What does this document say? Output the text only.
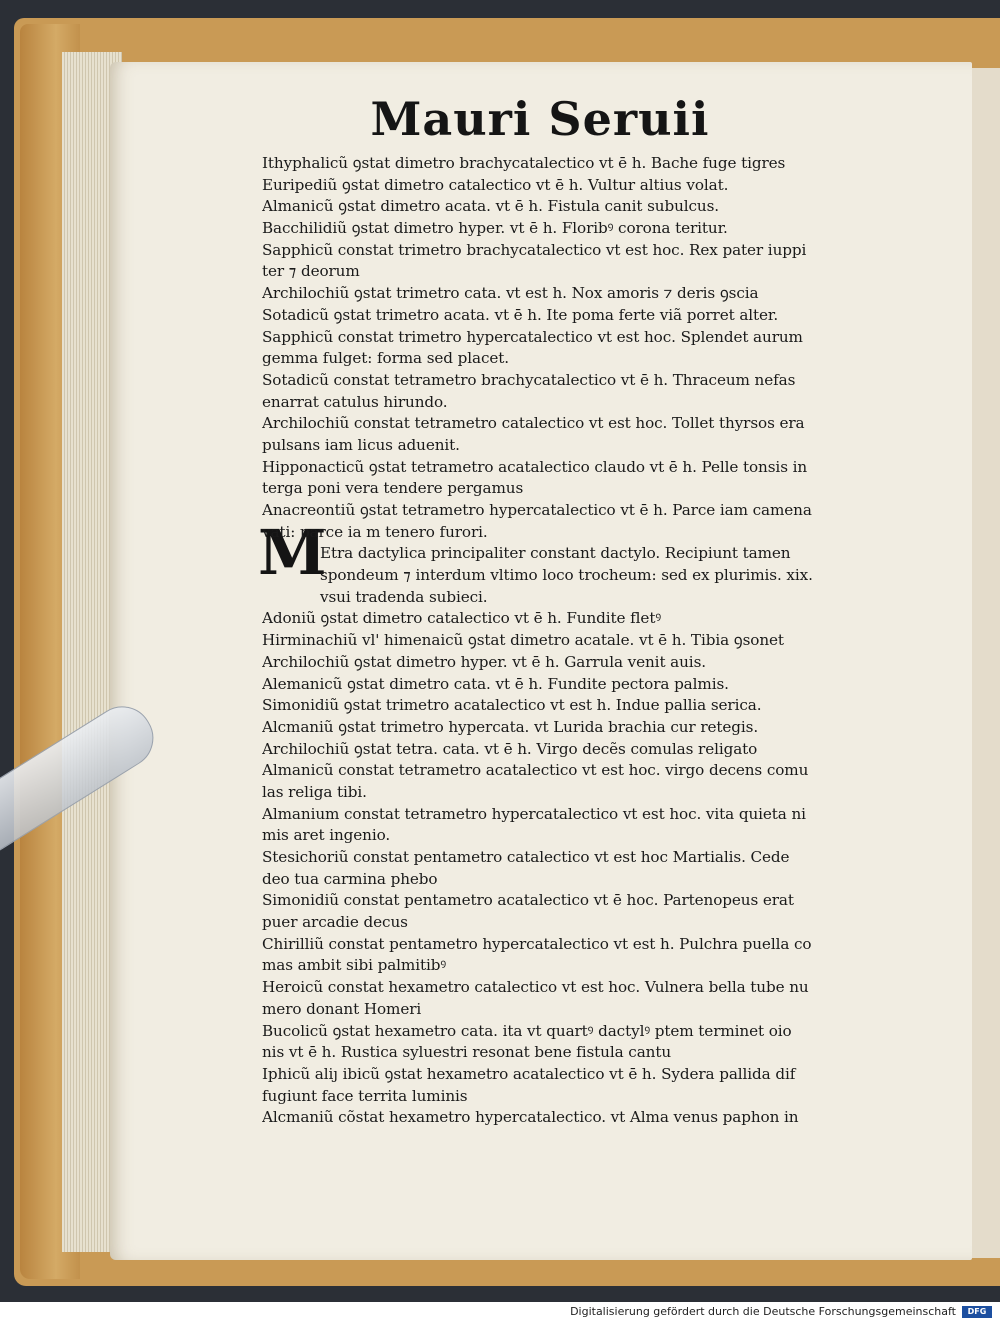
Mauri Seruii
M
Ithyphalicũ ꝯstat dimetro brachycatalectico vt ē h. Bache fuge tigres
Euripediũ ꝯstat dimetro catalectico vt ē h. Vultur altius volat.
Almanicũ ꝯstat dimetro acata. vt ē h. Fistula canit subulcus.
Bacchilidiũ ꝯstat dimetro hyper. vt ē h. Floribꝰ corona teritur.
Sapphicũ constat trimetro brachycatalectico vt est hoc. Rex pater iuppi
ter ⁊ deorum
Archilochiũ ꝯstat trimetro cata. vt est h. Nox amoris ⁊ deris ꝯscia
Sotadicũ ꝯstat trimetro acata. vt ē h. Ite poma ferte viã porret alter.
Sapphicũ constat trimetro hypercatalectico vt est hoc. Splendet aurum
gemma fulget: forma sed placet.
Sotadicũ constat tetrametro brachycatalectico vt ē h. Thraceum nefas
enarrat catulus hirundo.
Archilochiũ constat tetrametro catalectico vt est hoc. Tollet thyrsos era
pulsans iam licus aduenit.
Hipponacticũ ꝯstat tetrametro acatalectico claudo vt ē h. Pelle tonsis in
terga poni vera tendere pergamus
Anacreontiũ ꝯstat tetrametro hypercatalectico vt ē h. Parce iam camena
vati: parce ia m tenero furori.
Etra dactylica principaliter constant dactylo. Recipiunt tamen
spondeum ⁊ interdum vltimo loco trocheum: sed ex plurimis. xix.
vsui tradenda subieci.
Adoniũ ꝯstat dimetro catalectico vt ē h. Fundite fletꝰ
Hirminachiũ vl' himenaicũ ꝯstat dimetro acatale. vt ē h. Tibia ꝯsonet
Archilochiũ ꝯstat dimetro hyper. vt ē h. Garrula venit auis.
Alemanicũ ꝯstat dimetro cata. vt ē h. Fundite pectora palmis.
Simonidiũ ꝯstat trimetro acatalectico vt est h. Indue pallia serica.
Alcmaniũ ꝯstat trimetro hypercata. vt Lurida brachia cur retegis.
Archilochiũ ꝯstat tetra. cata. vt ē h. Virgo decẽs comulas religato
Almanicũ constat tetrametro acatalectico vt est hoc. virgo decens comu
las religa tibi.
Almanium constat tetrametro hypercatalectico vt est hoc. vita quieta ni
mis aret ingenio.
Stesichoriũ constat pentametro catalectico vt est hoc Martialis. Cede
deo tua carmina phebo
Simonidiũ constat pentametro acatalectico vt ē hoc. Partenopeus erat
puer arcadie decus
Chirilliũ constat pentametro hypercatalectico vt est h. Pulchra puella co
mas ambit sibi palmitibꝰ
Heroicũ constat hexametro catalectico vt est hoc. Vulnera bella tube nu
mero donant Homeri
Bucolicũ ꝯstat hexametro cata. ita vt quartꝰ dactylꝰ ptem terminet oio
nis vt ē h. Rustica syluestri resonat bene fistula cantu
Iphicũ aliȷ ibicũ ꝯstat hexametro acatalectico vt ē h. Sydera pallida dif
fugiunt face territa luminis
Alcmaniũ cõstat hexametro hypercatalectico. vt Alma venus paphon in
Digitalisierung gefördert durch die Deutsche Forschungsgemeinschaft	DFG
